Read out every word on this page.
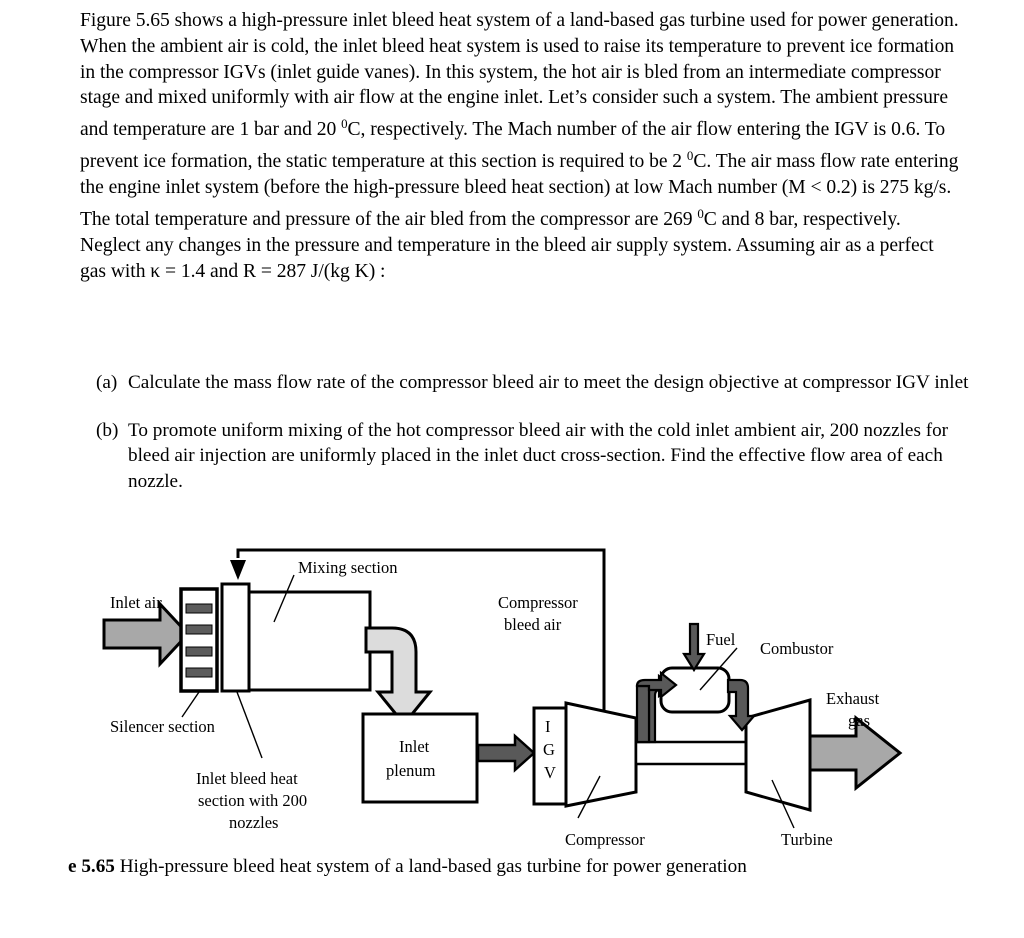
Figure 5.65 shows a high-pressure inlet bleed heat system of a land-based gas turbine used for power generation. When the ambient air is cold, the inlet bleed heat system is used to raise its temperature to prevent ice formation in the compressor IGVs (inlet guide vanes). In this system, the hot air is bled from an intermediate compressor stage and mixed uniformly with air flow at the engine inlet. Let’s consider such a system. The ambient pressure and temperature are 1 bar and 20 $^0$C, respectively. The Mach number of the air flow entering the IGV is 0.6. To prevent ice formation, the static temperature at this section is required to be 2 $^0$C. The air mass flow rate entering the engine inlet system (before the high-pressure bleed heat section) at low Mach number (M < 0.2) is 275 kg/s. The total temperature and pressure of the air bled from the compressor are 269 $^0$C and 8 bar, respectively. Neglect any changes in the pressure and temperature in the bleed air supply system. Assuming air as a perfect gas with κ = 1.4 and R = 287 J/(kg K) :
(a) Calculate the mass flow rate of the compressor bleed air to meet the design objective at compressor IGV inlet
(b) To promote uniform mixing of the hot compressor bleed air with the cold inlet ambient air, 200 nozzles for bleed air injection are uniformly placed in the inlet duct cross-section. Find the effective flow area of each nozzle.
Inlet air
Mixing section
Silencer section
Inlet bleed heat
section with 200
nozzles
Compressor
bleed air
Inlet
plenum
I
G
V
Compressor
Fuel Combustor
Turbine
Exhaust
gas
e 5.65 High-pressure bleed heat system of a land-based gas turbine for power generation
